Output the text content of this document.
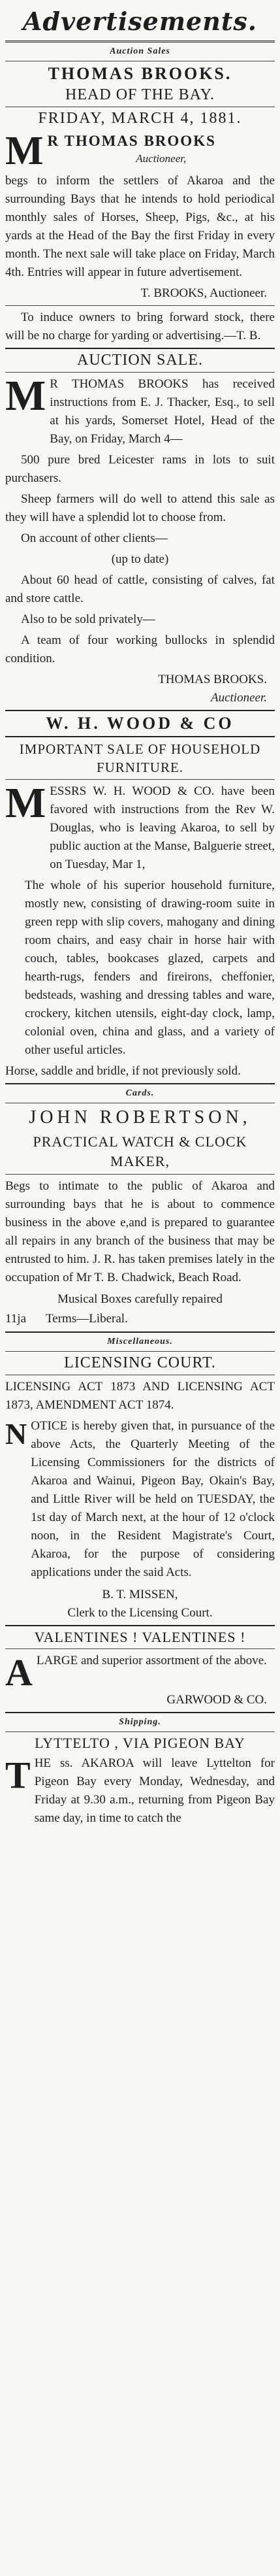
Advertisements.
Auction Sales
THOMAS BROOKS.
HEAD OF THE BAY.
FRIDAY, MARCH 4, 1881.
M R THOMAS BROOKS
Auctioneer,
begs to inform the settlers of Akaroa and the surrounding Bays that he intends to hold periodical monthly sales of Horses, Sheep, Pigs, &c., at his yards at the Head of the Bay the first Friday in every month. The next sale will take place on Friday, March 4th. Entries will appear in future advertisement.
T. BROOKS, Auctioneer.
To induce owners to bring forward stock, there will be no charge for yarding or advertising.—T. B.
AUCTION SALE.
M R THOMAS BROOKS has received instructions from E. J. Thacker, Esq., to sell at his yards, Somerset Hotel, Head of the Bay, on Friday, March 4—
500 pure bred Leicester rams in lots to suit purchasers.
Sheep farmers will do well to attend this sale as they will have a splendid lot to choose from.
On account of other clients—
(up to date)
About 60 head of cattle, consisting of calves, fat and store cattle.
Also to be sold privately—
A team of four working bullocks in splendid condition.
THOMAS BROOKS.
Auctioneer.
W. H. WOOD & CO
IMPORTANT SALE OF HOUSEHOLD FURNITURE.
M ESSRS W. H. WOOD & CO. have been favored with instructions from the Rev W. Douglas, who is leaving Akaroa, to sell by public auction at the Manse, Balguerie street, on Tuesday, Mar 1,
The whole of his superior household furniture, mostly new, consisting of drawing-room suite in green repp with slip covers, mahogany and dining room chairs, and easy chair in horse hair with couch, tables, bookcases glazed, carpets and hearth-rugs, fenders and fireirons, cheffonier, bedsteads, washing and dressing tables and ware, crockery, kitchen utensils, eight-day clock, lamp, colonial oven, china and glass, and a variety of other useful articles.
Horse, saddle and bridle, if not previously sold.
Cards.
JOHN ROBERTSON,
PRACTICAL WATCH & CLOCK MAKER,
Begs to intimate to the public of Akaroa and surrounding bays that he is about to commence business in the above e,and is prepared to guarantee all repairs in any branch of the business that may be entrusted to him. J. R. has taken premises lately in the occupation of Mr T. B. Chadwick, Beach Road.
Musical Boxes carefully repaired
11ja Terms—Liberal.
Miscellaneous.
LICENSING COURT.
LICENSING ACT 1873 AND LICENSING ACT 1873, AMENDMENT ACT 1874.
N OTICE is hereby given that, in pursuance of the above Acts, the Quarterly Meeting of the Licensing Commissioners for the districts of Akaroa and Wainui, Pigeon Bay, Okain's Bay, and Little River will be held on TUESDAY, the 1st day of March next, at the hour of 12 o'clock noon, in the Resident Magistrate's Court, Akaroa, for the purpose of considering applications under the said Acts.
B. T. MISSEN,
Clerk to the Licensing Court.
VALENTINES ! VALENTINES !
A LARGE and superior assortment of the above.
GARWOOD & CO.
Shipping.
LYTTELTO , VIA PIGEON BAY
T HE ss. AKAROA will leave Lyttelton for Pigeon Bay every Monday, Wednesday, and Friday at 9.30 a.m., returning from Pigeon Bay same day, in time to catch the
